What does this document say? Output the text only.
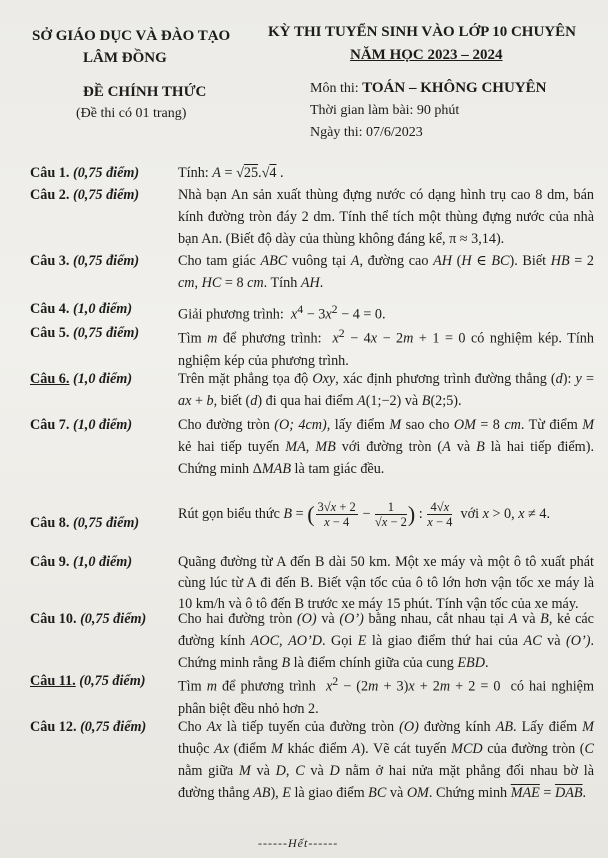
SỞ GIÁO DỤC VÀ ĐÀO TẠO
LÂM ĐỒNG
KỲ THI TUYỂN SINH VÀO LỚP 10 CHUYÊN
NĂM HỌC 2023 – 2024
ĐỀ CHÍNH THỨC
(Đề thi có 01 trang)
Môn thi: TOÁN – KHÔNG CHUYÊN
Thời gian làm bài: 90 phút
Ngày thi: 07/6/2023
Câu 1. (0,75 điểm)	Tính: A = √25.√4 .
Câu 2. (0,75 điểm)	Nhà bạn An sản xuất thùng đựng nước có dạng hình trụ cao 8 dm, bán kính đường tròn đáy 2 dm. Tính thể tích một thùng đựng nước của nhà bạn An. (Biết độ dày của thùng không đáng kể, π ≈ 3,14).
Câu 3. (0,75 điểm)	Cho tam giác ABC vuông tại A, đường cao AH (H ∈ BC). Biết HB = 2 cm, HC = 8 cm. Tính AH.
Câu 4. (1,0 điểm)	Giải phương trình:  $x^4 - 3x^2 - 4 = 0$.
Câu 5. (0,75 điểm)	Tìm m để phương trình:  $x^2 - 4x - 2m + 1 = 0$ có nghiệm kép. Tính nghiệm kép của phương trình.
Câu 6. (1,0 điểm)	Trên mặt phẳng tọa độ Oxy, xác định phương trình đường thẳng (d): y = ax + b, biết (d) đi qua hai điểm A(1;−2) và B(2;5).
Câu 7. (1,0 điểm)	Cho đường tròn (O; 4cm), lấy điểm M sao cho OM = 8 cm. Từ điểm M kẻ hai tiếp tuyến MA, MB với đường tròn (A và B là hai tiếp điểm). Chứng minh ΔMAB là tam giác đều.
Câu 8. (0,75 điểm)
Rút gọn biểu thức B = ( $\frac{3√x + 2}{x - 4} - \frac{1}{√x - 2}$ ) : $\frac{4√x}{x - 4}$ với x > 0, x ≠ 4.
Câu 9. (1,0 điểm)	Quãng đường từ A đến B dài 50 km. Một xe máy và một ô tô xuất phát cùng lúc từ A đi đến B. Biết vận tốc của ô tô lớn hơn vận tốc xe máy là 10 km/h và ô tô đến B trước xe máy 15 phút. Tính vận tốc của xe máy.
Câu 10. (0,75 điểm)	Cho hai đường tròn (O) và (O’) bằng nhau, cắt nhau tại A và B, kẻ các đường kính AOC, AO’D. Gọi E là giao điểm thứ hai của AC và (O’). Chứng minh rằng B là điểm chính giữa của cung EBD.
Câu 11. (0,75 điểm)	Tìm m để phương trình  $x^2 - (2m + 3)x + 2m + 2 = 0$  có hai nghiệm phân biệt đều nhỏ hơn 2.
Câu 12. (0,75 điểm)	Cho Ax là tiếp tuyến của đường tròn (O) đường kính AB. Lấy điểm M thuộc Ax (điểm M khác điểm A). Vẽ cát tuyến MCD của đường tròn (C nằm giữa M và D, C và D nằm ở hai nửa mặt phẳng đối nhau bờ là đường thẳng AB), E là giao điểm BC và OM. Chứng minh $\overline{MAE} = \overline{DAB}$.
------Hết------
